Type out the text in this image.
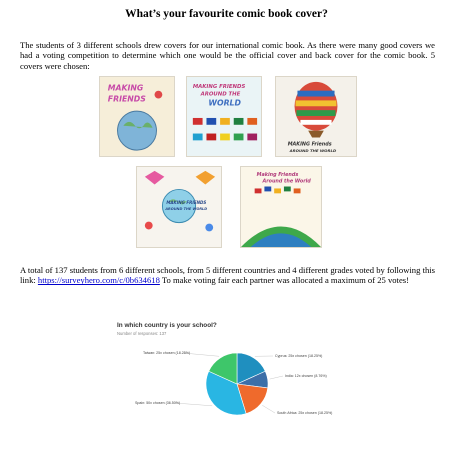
What’s your favourite comic book cover?
The students of 3 different schools drew covers for our international comic book. As there were many good covers we had a voting competition to determine which one would be the official cover and back cover for the comic book. 5 covers were chosen:
MAKING
FRIENDS
MAKING FRIENDS
AROUND THE
WORLD
MAKING Friends
AROUND THE WORLD
MAKING FRIENDS
AROUND THE WORLD
Making Friends
Around the World
A total of 137 students from 6 different schools, from 5 different countries and 4 different grades voted by following this link: https://surveyhero.com/c/0b634618 To make voting fair each partner was allocated a maximum of 25 votes!
Cyprus: 25x chosen (18.25%)
India: 12x chosen (8.76%)
South Africa: 25x chosen (18.25%)
Spain: 50x chosen (36.50%)
Taiwan: 25x chosen (18.25%)
In which country is your school?
Number of responses: 137
